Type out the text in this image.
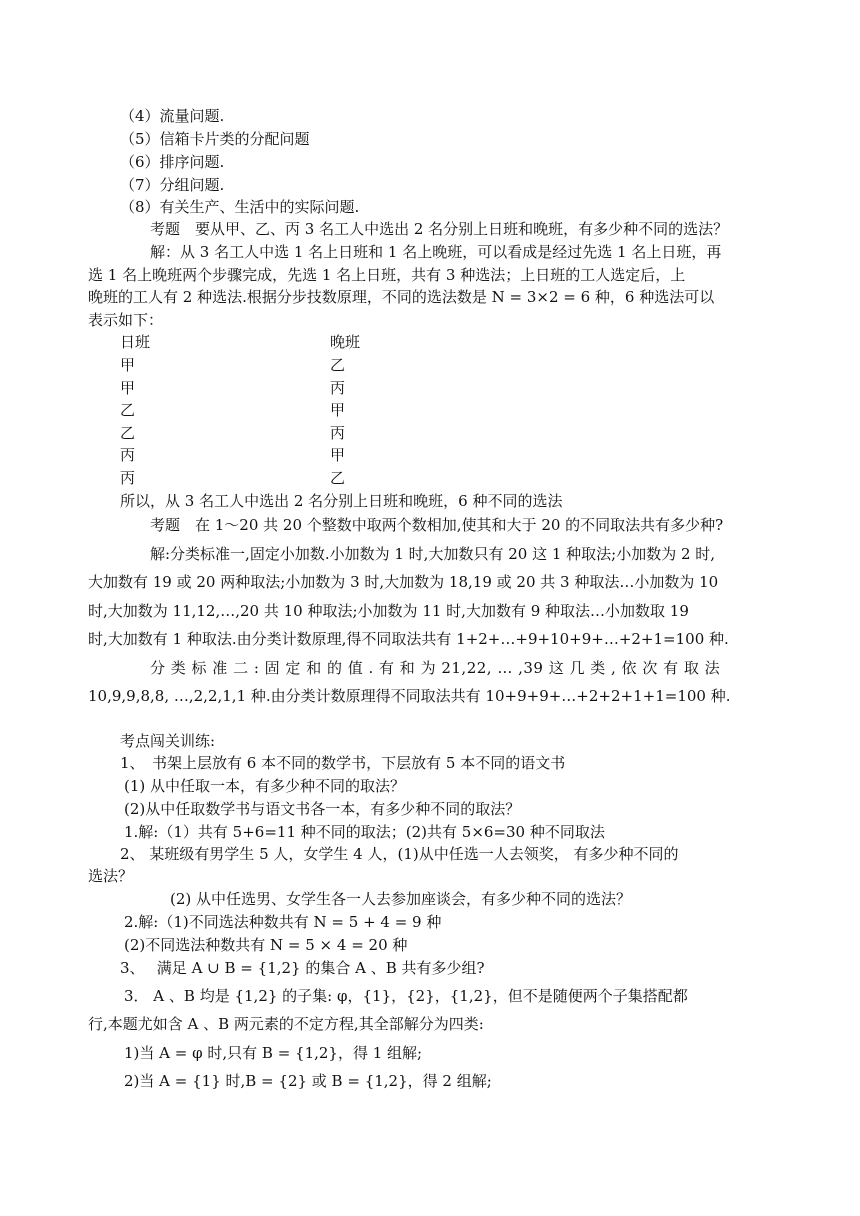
（4）流量问题.
（5）信箱卡片类的分配问题
（6）排序问题.
（7）分组问题.
（8）有关生产、生活中的实际问题.
考题　要从甲、乙、丙 3 名工人中选出 2 名分别上日班和晚班，有多少种不同的选法？
解：从 3 名工人中选 1 名上日班和 1 名上晚班，可以看成是经过先选 1 名上日班，再
选 1 名上晚班两个步骤完成，先选 1 名上日班，共有 3 种选法；上日班的工人选定后，上
晚班的工人有 2 种选法.根据分步技数原理，不同的选法数是 N = 3×2 = 6 种，6 种选法可以
表示如下：
日班	晚班
甲	乙
甲	丙
乙	甲
乙	丙
丙	甲
丙	乙
所以，从 3 名工人中选出 2 名分别上日班和晚班，6 种不同的选法
考题　在 1～20 共 20 个整数中取两个数相加,使其和大于 20 的不同取法共有多少种?
解:分类标准一,固定小加数.小加数为 1 时,大加数只有 20 这 1 种取法;小加数为 2 时,
大加数有 19 或 20 两种取法;小加数为 3 时,大加数为 18,19 或 20 共 3 种取法…小加数为 10
时,大加数为 11,12,…,20 共 10 种取法;小加数为 11 时,大加数有 9 种取法…小加数取 19
时,大加数有 1 种取法.由分类计数原理,得不同取法共有 1+2+…+9+10+9+…+2+1=100 种.
分 类 标 准 二 : 固 定 和 的 值 . 有 和 为 21,22, … ,39 这 几 类 , 依 次 有 取 法
10,9,9,8,8, …,2,2,1,1 种.由分类计数原理得不同取法共有 10+9+9+…+2+2+1+1=100 种.
考点闯关训练:
1、　书架上层放有 6 本不同的数学书，下层放有 5 本不同的语文书
(1) 从中任取一本，有多少种不同的取法？
(2)从中任取数学书与语文书各一本，有多少种不同的取法？
1.解:（1）共有 5+6=11 种不同的取法；(2)共有 5×6=30 种不同取法
2、 某班级有男学生 5 人，女学生 4 人，(1)从中任选一人去领奖， 有多少种不同的
选法？
(2) 从中任选男、女学生各一人去参加座谈会，有多少种不同的选法？
2.解:（1)不同选法种数共有 N = 5 + 4 = 9 种
(2)不同选法种数共有 N = 5 × 4 = 20 种
3、　 满足 A ∪ B = {1,2} 的集合 A 、B 共有多少组?
3． A 、B 均是 {1,2} 的子集: φ，{1}，{2}，{1,2}，但不是随便两个子集搭配都
行,本题尤如含 A 、B 两元素的不定方程,其全部解分为四类:
1)当 A = φ 时,只有 B = {1,2}，得 1 组解;
2)当 A = {1} 时,B = {2} 或 B = {1,2}，得 2 组解;
